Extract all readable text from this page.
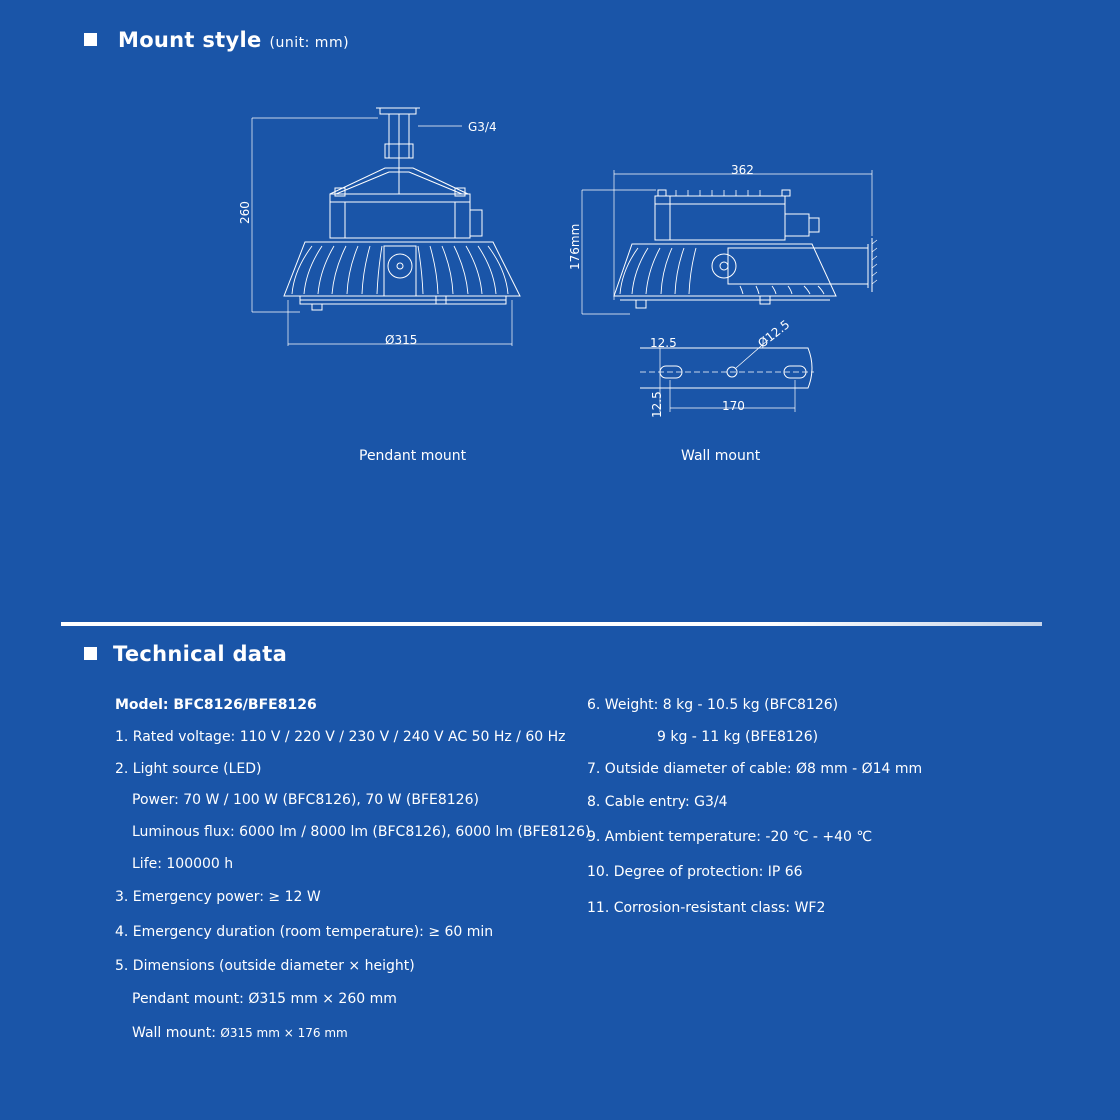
Mount style (unit: mm)
G3/4
260
Ø315
362
176mm
12.5	Ø12.5
12.5	170
Pendant mount	Wall mount
Technical data
Model: BFC8126/BFE8126
1. Rated voltage: 110 V / 220 V / 230 V / 240 V AC 50 Hz / 60 Hz
2. Light source (LED)
Power: 70 W / 100 W (BFC8126), 70 W (BFE8126)
Luminous flux: 6000 lm / 8000 lm (BFC8126), 6000 lm (BFE8126)
Life: 100000 h
3. Emergency power: ≥ 12 W
4. Emergency duration (room temperature): ≥ 60 min
5. Dimensions (outside diameter × height)
Pendant mount: Ø315 mm × 260 mm
Wall mount: Ø315 mm × 176 mm
6. Weight: 8 kg - 10.5 kg (BFC8126)
9 kg - 11 kg (BFE8126)
7. Outside diameter of cable: Ø8 mm - Ø14 mm
8. Cable entry: G3/4
9. Ambient temperature: -20 ℃ - +40 ℃
10. Degree of protection: IP 66
11. Corrosion-resistant class: WF2
